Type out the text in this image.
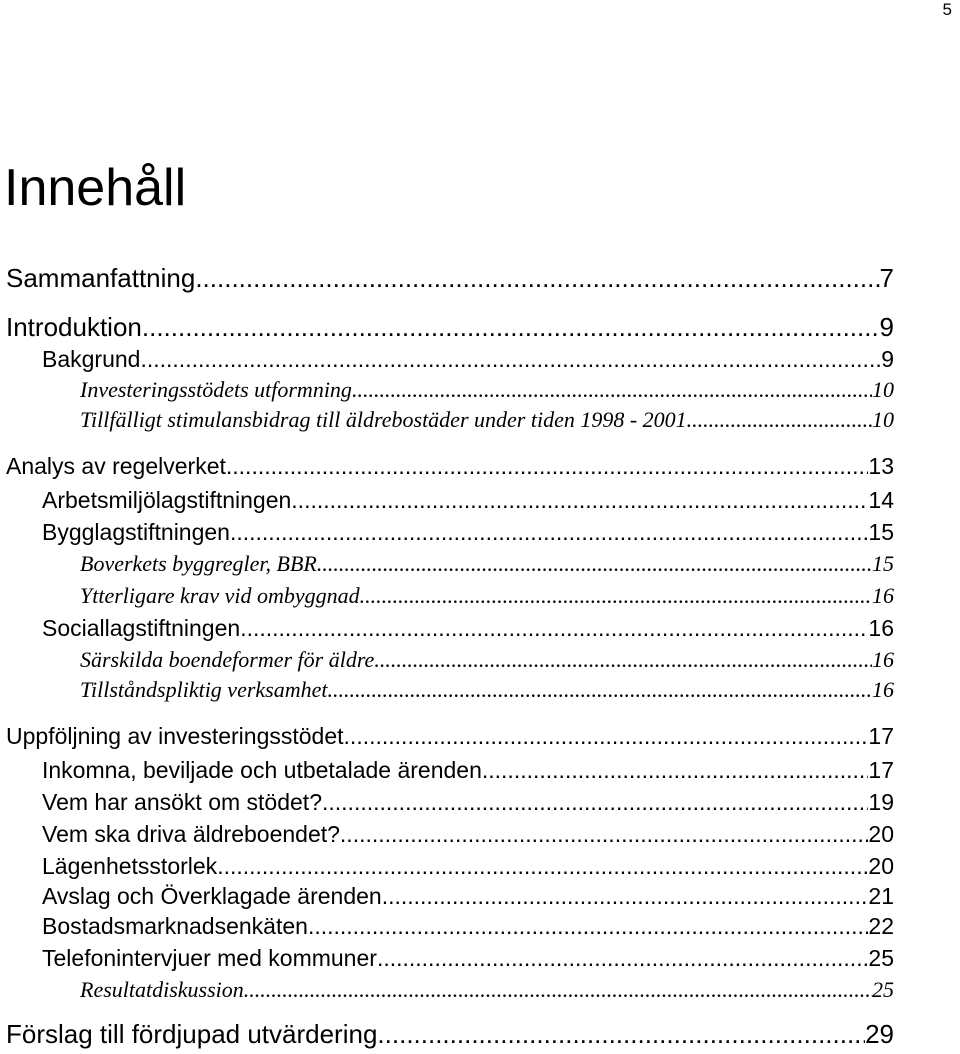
5
Innehåll
Sammanfattning .....	7
Introduktion .....	9
Bakgrund .....	9
Investeringsstödets utformning .....	10
Tillfälligt stimulansbidrag till äldrebostäder under tiden 1998 - 2001 .....	10
Analys av regelverket .....	13
Arbetsmiljölagstiftningen .....	14
Bygglagstiftningen .....	15
Boverkets byggregler, BBR .....	15
Ytterligare krav vid ombyggnad .....	16
Sociallagstiftningen .....	16
Särskilda boendeformer för äldre .....	16
Tillståndspliktig verksamhet .....	16
Uppföljning av investeringsstödet .....	17
Inkomna, beviljade och utbetalade ärenden .....	17
Vem har ansökt om stödet? .....	19
Vem ska driva äldreboendet? .....	20
Lägenhetsstorlek .....	20
Avslag och Överklagade ärenden .....	21
Bostadsmarknadsenkäten .....	22
Telefonintervjuer med kommuner .....	25
Resultatdiskussion .....	25
Förslag till fördjupad utvärdering .....	29
